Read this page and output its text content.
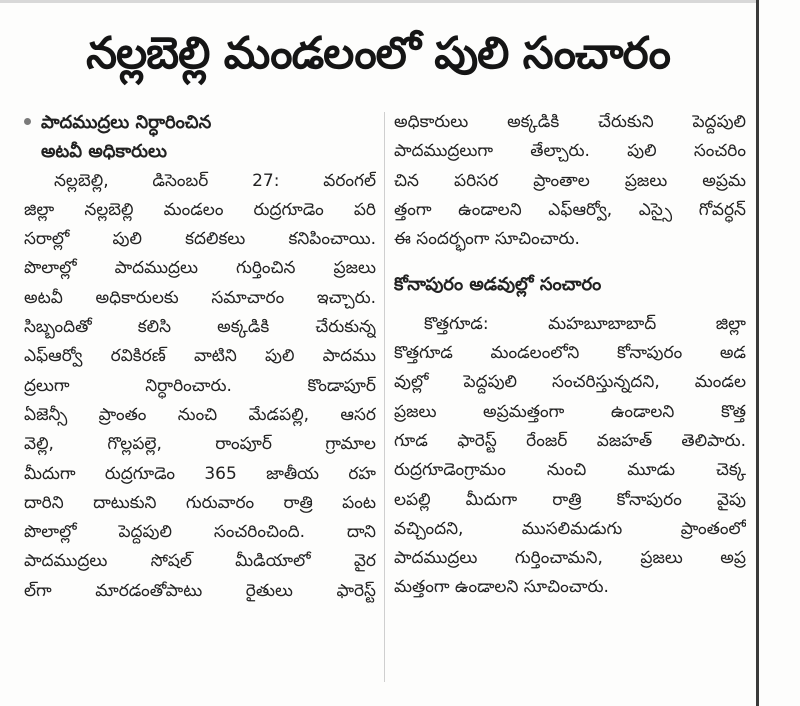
నల్లబెల్లి మండలంలో పులి సంచారం
పాదముద్రలు నిర్ధారించిన
అటవీ అధికారులు
నల్లబెల్లి, డిసెంబర్ 27: వరంగల్
జిల్లా నల్లబెల్లి మండలం రుద్రగూడెం పరి
సరాల్లో పులి కదలికలు కనిపించాయి.
పొలాల్లో పాదముద్రలు గుర్తించిన ప్రజలు
అటవీ అధికారులకు సమాచారం ఇచ్చారు.
సిబ్బందితో కలిసి అక్కడికి చేరుకున్న
ఎఫ్ఆర్వో రవికిరణ్ వాటిని పులి పాదము
ద్రలుగా నిర్ధారించారు. కొండాపూర్
ఏజెన్సీ ప్రాంతం నుంచి మేడపల్లి, ఆసర
వెల్లి, గొల్లపల్లె, రాంపూర్ గ్రామాల
మీదుగా రుద్రగూడెం 365 జాతీయ రహ
దారిని దాటుకుని గురువారం రాత్రి పంట
పొలాల్లో పెద్దపులి సంచరించింది. దాని
పాదముద్రలు సోషల్ మీడియాలో వైర
ల్‌గా మారడంతోపాటు రైతులు ఫారెస్ట్
అధికారులు అక్కడికి చేరుకుని పెద్దపులి
పాదముద్రలుగా తేల్చారు. పులి సంచరిం
చిన పరిసర ప్రాంతాల ప్రజలు అప్రమ
త్తంగా ఉండాలని ఎఫ్ఆర్వో, ఎస్సై గోవర్ధన్
ఈ సందర్భంగా సూచించారు.
కోనాపురం అడవుల్లో సంచారం
కొత్తగూడ: మహబూబాబాద్ జిల్లా
కొత్తగూడ మండలంలోని కోనాపురం అడ
వుల్లో పెద్దపులి సంచరిస్తున్నదని, మండల
ప్రజలు అప్రమత్తంగా ఉండాలని కొత్త
గూడ ఫారెస్ట్ రేంజర్ వజహత్ తెలిపారు.
రుద్రగూడెంగ్రామం నుంచి మూడు చెక్క
లపల్లి మీదుగా రాత్రి కోనాపురం వైపు
వచ్చిందని, ముసలిమడుగు ప్రాంతంలో
పాదముద్రలు గుర్తించామని, ప్రజలు అప్ర
మత్తంగా ఉండాలని సూచించారు.
